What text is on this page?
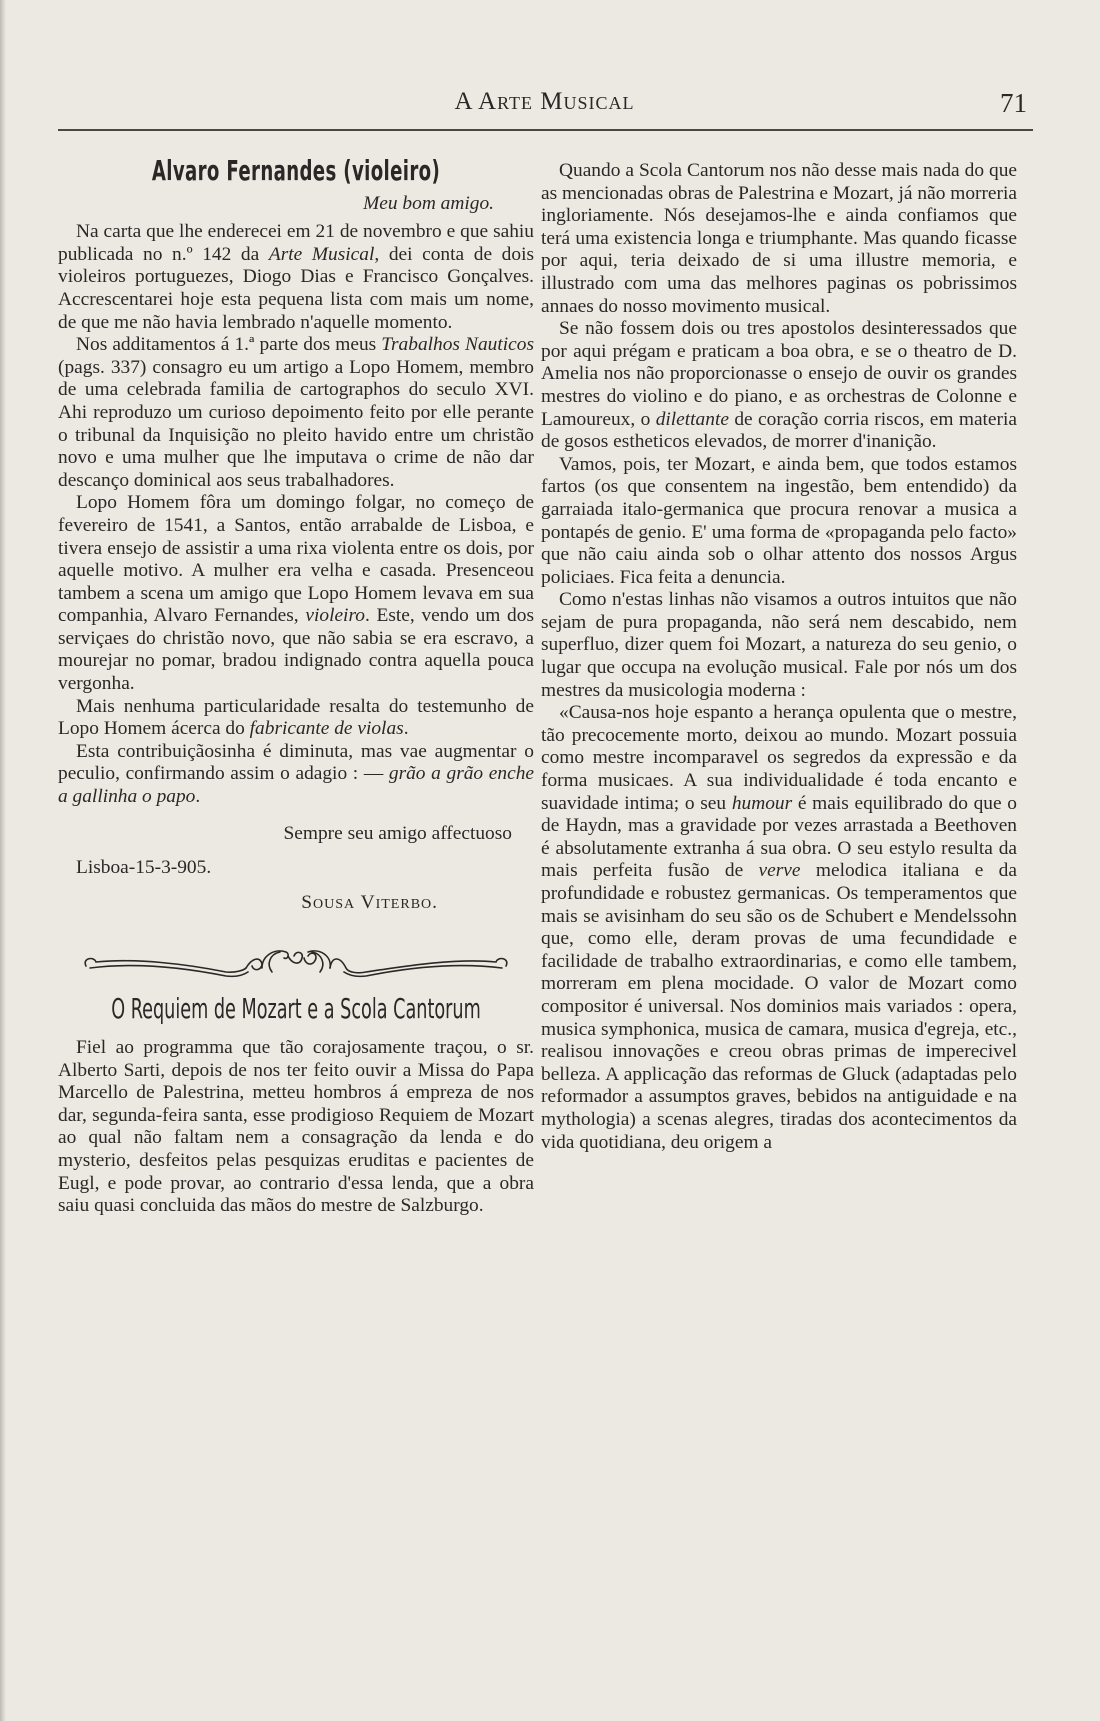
A Arte Musical	71
Alvaro Fernandes (violeiro)
Meu bom amigo.

Na carta que lhe enderecei em 21 de novembro e que sahiu publicada no n.º 142 da Arte Musical, dei conta de dois violeiros portuguezes, Diogo Dias e Francisco Gonçalves. Accrescentarei hoje esta pequena lista com mais um nome, de que me não havia lembrado n'aquelle momento.

Nos additamentos á 1.ª parte dos meus Trabalhos Nauticos (pags. 337) consagro eu um artigo a Lopo Homem, membro de uma celebrada familia de cartographos do seculo XVI. Ahi reproduzo um curioso depoimento feito por elle perante o tribunal da Inquisição no pleito havido entre um christão novo e uma mulher que lhe imputava o crime de não dar descanço dominical aos seus trabalhadores.

Lopo Homem fôra um domingo folgar, no começo de fevereiro de 1541, a Santos, então arrabalde de Lisboa, e tivera ensejo de assistir a uma rixa violenta entre os dois, por aquelle motivo. A mulher era velha e casada. Presenceou tambem a scena um amigo que Lopo Homem levava em sua companhia, Alvaro Fernandes, violeiro. Este, vendo um dos serviçaes do christão novo, que não sabia se era escravo, a mourejar no pomar, bradou indignado contra aquella pouca vergonha.

Mais nenhuma particularidade resalta do testemunho de Lopo Homem ácerca do fabricante de violas.

Esta contribuiçãosinha é diminuta, mas vae augmentar o peculio, confirmando assim o adagio : — grão a grão enche a gallinha o papo.

Sempre seu amigo affectuoso
Lisboa-15-3-905.
Sousa Viterbo.
O Requiem de Mozart e a Scola Cantorum

Fiel ao programma que tão corajosamente traçou, o sr. Alberto Sarti, depois de nos ter feito ouvir a Missa do Papa Marcello de Palestrina, metteu hombros á empreza de nos dar, segunda-feira santa, esse prodigioso Requiem de Mozart ao qual não faltam nem a consagração da lenda e do mysterio, desfeitos pelas pesquizas eruditas e pacientes de Eugl, e pode provar, ao contrario d'essa lenda, que a obra saiu quasi concluida das mãos do mestre de Salzburgo.

Quando a Scola Cantorum nos não desse mais nada do que as mencionadas obras de Palestrina e Mozart, já não morreria ingloriamente. Nós desejamos-lhe e ainda confiamos que terá uma existencia longa e triumphante. Mas quando ficasse por aqui, teria deixado de si uma illustre memoria, e illustrado com uma das melhores paginas os pobrissimos annaes do nosso movimento musical.

Se não fossem dois ou tres apostolos desinteressados que por aqui prégam e praticam a boa obra, e se o theatro de D. Amelia nos não proporcionasse o ensejo de ouvir os grandes mestres do violino e do piano, e as orchestras de Colonne e Lamoureux, o dilettante de coração corria riscos, em materia de gosos estheticos elevados, de morrer d'inanição.

Vamos, pois, ter Mozart, e ainda bem, que todos estamos fartos (os que consentem na ingestão, bem entendido) da garraiada italo-germanica que procura renovar a musica a pontapés de genio. E' uma forma de «propaganda pelo facto» que não caiu ainda sob o olhar attento dos nossos Argus policiaes. Fica feita a denuncia.

Como n'estas linhas não visamos a outros intuitos que não sejam de pura propaganda, não será nem descabido, nem superfluo, dizer quem foi Mozart, a natureza do seu genio, o lugar que occupa na evolução musical. Fale por nós um dos mestres da musicologia moderna :

«Causa-nos hoje espanto a herança opulenta que o mestre, tão precocemente morto, deixou ao mundo. Mozart possuia como mestre incomparavel os segredos da expressão e da forma musicaes. A sua individualidade é toda encanto e suavidade intima; o seu humour é mais equilibrado do que o de Haydn, mas a gravidade por vezes arrastada a Beethoven é absolutamente extranha á sua obra. O seu estylo resulta da mais perfeita fusão de verve melodica italiana e da profundidade e robustez germanicas. Os temperamentos que mais se avisinham do seu são os de Schubert e Mendelssohn que, como elle, deram provas de uma fecundidade e facilidade de trabalho extraordinarias, e como elle tambem, morreram em plena mocidade. O valor de Mozart como compositor é universal. Nos dominios mais variados : opera, musica symphonica, musica de camara, musica d'egreja, etc., realisou innovações e creou obras primas de imperecivel belleza. A applicação das reformas de Gluck (adaptadas pelo reformador a assumptos graves, bebidos na antiguidade e na mythologia) a scenas alegres, tiradas dos acontecimentos da vida quotidiana, deu origem a
